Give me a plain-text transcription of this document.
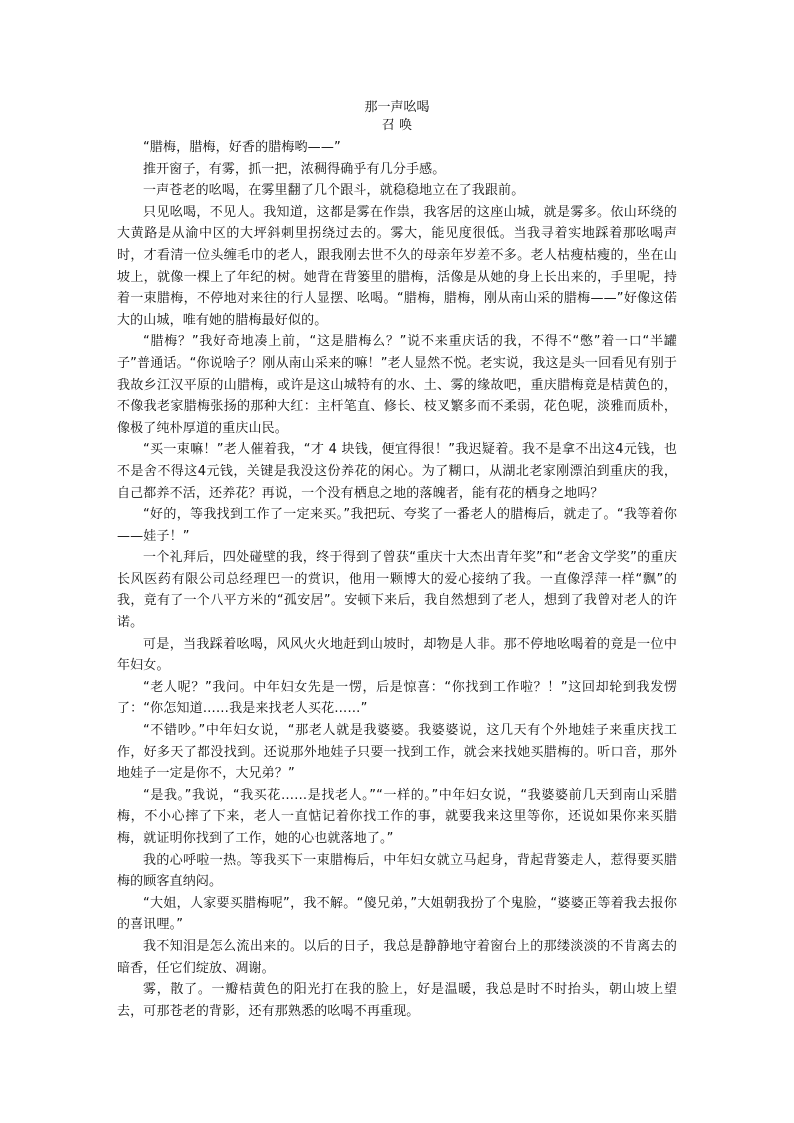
那一声吆喝
召 唤

“腊梅，腊梅，好香的腊梅哟——”

推开窗子，有雾，抓一把，浓稠得确乎有几分手感。

一声苍老的吆喝，在雾里翻了几个跟斗，就稳稳地立在了我跟前。

只见吆喝，不见人。我知道，这都是雾在作祟，我客居的这座山城，就是雾多。依山环绕的大黄路是从渝中区的大坪斜刺里拐绕过去的。雾大，能见度很低。当我寻着实地踩着那吆喝声时，才看清一位头缠毛巾的老人，跟我刚去世不久的母亲年岁差不多。老人枯瘦枯瘦的，坐在山坡上，就像一棵上了年纪的树。她背在背篓里的腊梅，活像是从她的身上长出来的，手里呢，持着一束腊梅，不停地对来往的行人显摆、吆喝。“腊梅，腊梅，刚从南山采的腊梅——”好像这偌大的山城，唯有她的腊梅最好似的。

“腊梅？”我好奇地凑上前，“这是腊梅么？”说不来重庆话的我，不得不“憋”着一口“半罐子”普通话。“你说啥子？刚从南山采来的嘛！”老人显然不悦。老实说，我这是头一回看见有别于我故乡江汉平原的山腊梅，或许是这山城特有的水、土、雾的缘故吧，重庆腊梅竟是桔黄色的，不像我老家腊梅张扬的那种大红：主杆笔直、修长、枝叉繁多而不柔弱，花色呢，淡雅而质朴，像极了纯朴厚道的重庆山民。

“买一束嘛！”老人催着我，“才 4 块钱，便宜得很！”我迟疑着。我不是拿不出这4元钱，也不是舍不得这4元钱，关键是我没这份养花的闲心。为了糊口，从湖北老家刚漂泊到重庆的我，自己都养不活，还养花？再说，一个没有栖息之地的落魄者，能有花的栖身之地吗？

“好的，等我找到工作了一定来买。”我把玩、夸奖了一番老人的腊梅后，就走了。“我等着你——娃子！”

一个礼拜后，四处碰壁的我，终于得到了曾获“重庆十大杰出青年奖”和“老舍文学奖”的重庆长风医药有限公司总经理巴一的赏识，他用一颗博大的爱心接纳了我。一直像浮萍一样“飘”的我，竟有了一个八平方米的“孤安居”。安顿下来后，我自然想到了老人，想到了我曾对老人的许诺。

可是，当我踩着吆喝，风风火火地赶到山坡时，却物是人非。那不停地吆喝着的竟是一位中年妇女。

“老人呢？”我问。中年妇女先是一愣，后是惊喜：“你找到工作啦？！”这回却轮到我发愣了：“你怎知道……我是来找老人买花……”

“不错吵。”中年妇女说，“那老人就是我婆婆。我婆婆说，这几天有个外地娃子来重庆找工作，好多天了都没找到。还说那外地娃子只要一找到工作，就会来找她买腊梅的。听口音，那外地娃子一定是你不，大兄弟？”

“是我。”我说，“我买花……是找老人。”“一样的。”中年妇女说，“我婆婆前几天到南山采腊梅，不小心摔了下来，老人一直惦记着你找工作的事，就要我来这里等你，还说如果你来买腊梅，就证明你找到了工作，她的心也就落地了。”

我的心呼啦一热。等我买下一束腊梅后，中年妇女就立马起身，背起背篓走人，惹得要买腊梅的顾客直纳闷。

“大姐，人家要买腊梅呢”，我不解。“傻兄弟，”大姐朝我扮了个鬼脸，“婆婆正等着我去报你的喜讯哩。”

我不知泪是怎么流出来的。以后的日子，我总是静静地守着窗台上的那缕淡淡的不肯离去的暗香，任它们绽放、凋谢。

雾，散了。一瓣桔黄色的阳光打在我的脸上，好是温暖，我总是时不时抬头，朝山坡上望去，可那苍老的背影，还有那熟悉的吆喝不再重现。
